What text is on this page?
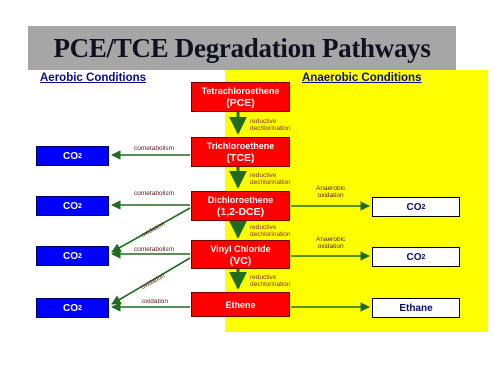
PCE/TCE Degradation Pathways
Aerobic Conditions	Anaerobic Conditions
Tetrachloroethene
(PCE)
Trichloroethene
(TCE)
Dichloroethene
(1,2-DCE)
Vinyl Chloride
(VC)
Ethene
reductive
dechlorination
reductive
dechlorination
reductive
dechlorination
reductive
dechlorination
cometabolism
cometabolism
cometabolism
oxidation
oxidation
oxidation
Anaerobic
oxidation
Anaerobic
oxidation
CO 2
CO 2
CO 2
CO 2
CO 2
CO 2
Ethane
